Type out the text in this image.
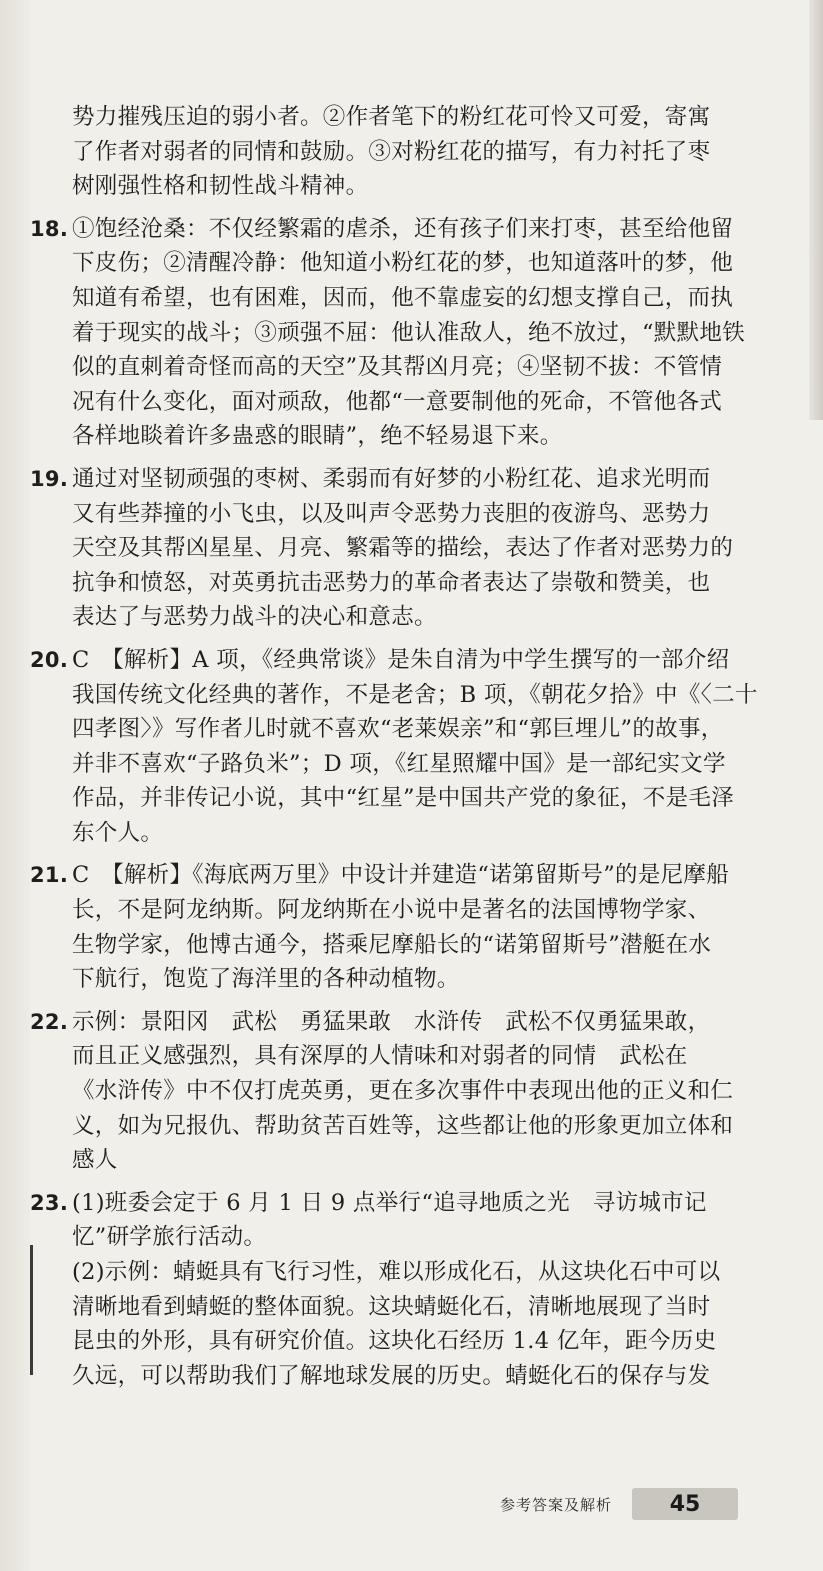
势力摧残压迫的弱小者。②作者笔下的粉红花可怜又可爱，寄寓
了作者对弱者的同情和鼓励。③对粉红花的描写，有力衬托了枣
树刚强性格和韧性战斗精神。
18. ①饱经沧桑：不仅经繁霜的虐杀，还有孩子们来打枣，甚至给他留
下皮伤；②清醒冷静：他知道小粉红花的梦，也知道落叶的梦，他
知道有希望，也有困难，因而，他不靠虚妄的幻想支撑自己，而执
着于现实的战斗；③顽强不屈：他认准敌人，绝不放过，“默默地铁
似的直刺着奇怪而高的天空”及其帮凶月亮；④坚韧不拔：不管情
况有什么变化，面对顽敌，他都“一意要制他的死命，不管他各式
各样地睒着许多蛊惑的眼睛”，绝不轻易退下来。
19. 通过对坚韧顽强的枣树、柔弱而有好梦的小粉红花、追求光明而
又有些莽撞的小飞虫，以及叫声令恶势力丧胆的夜游鸟、恶势力
天空及其帮凶星星、月亮、繁霜等的描绘，表达了作者对恶势力的
抗争和愤怒，对英勇抗击恶势力的革命者表达了崇敬和赞美，也
表达了与恶势力战斗的决心和意志。
20. C　【解析】A 项，《经典常谈》是朱自清为中学生撰写的一部介绍
我国传统文化经典的著作，不是老舍；B 项，《朝花夕拾》中《〈二十
四孝图〉》写作者儿时就不喜欢“老莱娱亲”和“郭巨埋儿”的故事，
并非不喜欢“子路负米”；D 项，《红星照耀中国》是一部纪实文学
作品，并非传记小说，其中“红星”是中国共产党的象征，不是毛泽
东个人。
21. C　【解析】《海底两万里》中设计并建造“诺第留斯号”的是尼摩船
长，不是阿龙纳斯。阿龙纳斯在小说中是著名的法国博物学家、
生物学家，他博古通今，搭乘尼摩船长的“诺第留斯号”潜艇在水
下航行，饱览了海洋里的各种动植物。
22. 示例：景阳冈　武松　勇猛果敢　水浒传　武松不仅勇猛果敢，
而且正义感强烈，具有深厚的人情味和对弱者的同情　武松在
《水浒传》中不仅打虎英勇，更在多次事件中表现出他的正义和仁
义，如为兄报仇、帮助贫苦百姓等，这些都让他的形象更加立体和
感人
23. (1)班委会定于 6 月 1 日 9 点举行“追寻地质之光　寻访城市记
忆”研学旅行活动。
(2)示例：蜻蜓具有飞行习性，难以形成化石，从这块化石中可以
清晰地看到蜻蜓的整体面貌。这块蜻蜓化石，清晰地展现了当时
昆虫的外形，具有研究价值。这块化石经历 1.4 亿年，距今历史
久远，可以帮助我们了解地球发展的历史。蜻蜓化石的保存与发
参考答案及解析	45
